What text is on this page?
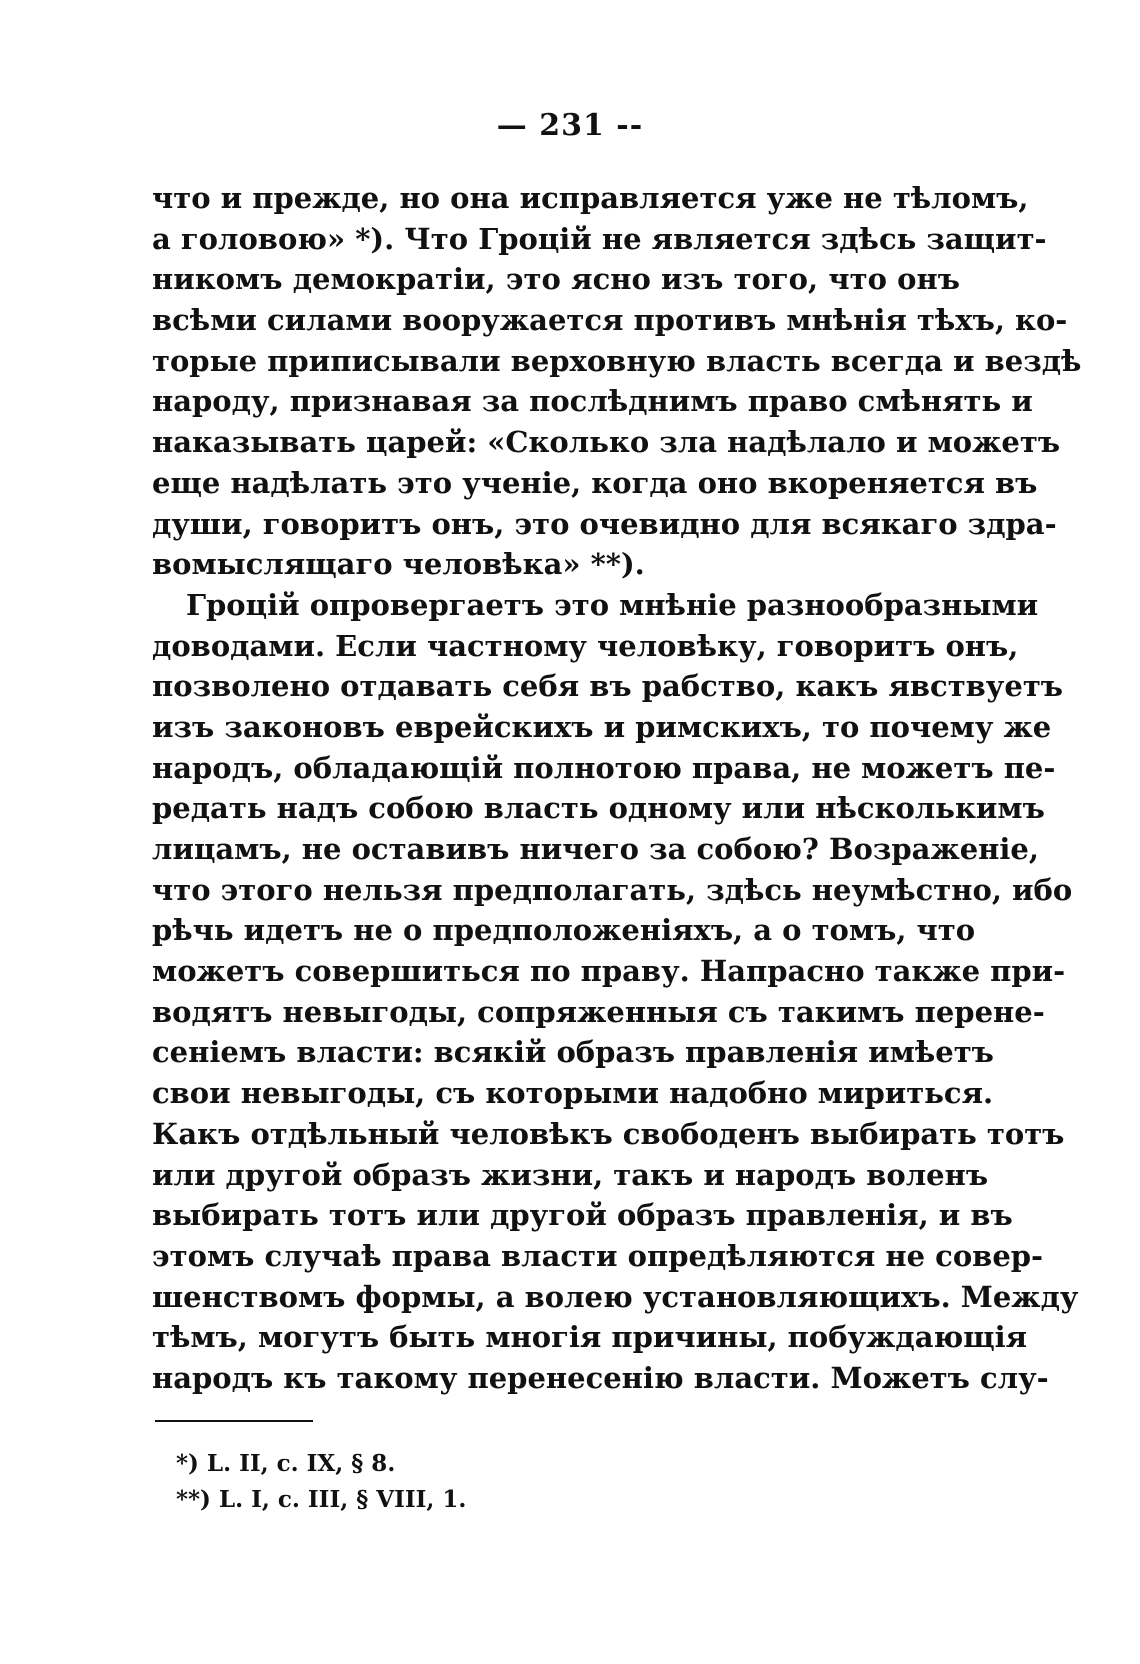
— 231 --
что и прежде, но она исправляется уже не тѣломъ,
а головою» *). Что Гроцій не является здѣсь защит-
никомъ демократіи, это ясно изъ того, что онъ
всѣми силами вооружается противъ мнѣнія тѣхъ, ко-
торые приписывали верховную власть всегда и вездѣ
народу, признавая за послѣднимъ право смѣнять и
наказывать царей: «Сколько зла надѣлало и можетъ
еще надѣлать это ученіе, когда оно вкореняется въ
души, говоритъ онъ, это очевидно для всякаго здра-
вомыслящаго человѣка» **).
Гроцій опровергаетъ это мнѣніе разнообразными
доводами. Если частному человѣку, говоритъ онъ,
позволено отдавать себя въ рабство, какъ явствуетъ
изъ законовъ еврейскихъ и римскихъ, то почему же
народъ, обладающій полнотою права, не можетъ пе-
редать надъ собою власть одному или нѣсколькимъ
лицамъ, не оставивъ ничего за собою? Возраженіе,
что этого нельзя предполагать, здѣсь неумѣстно, ибо
рѣчь идетъ не о предположеніяхъ, а о томъ, что
можетъ совершиться по праву. Напрасно также при-
водятъ невыгоды, сопряженныя съ такимъ перене-
сеніемъ власти: всякій образъ правленія имѣетъ
свои невыгоды, съ которыми надобно мириться.
Какъ отдѣльный человѣкъ свободенъ выбирать тотъ
или другой образъ жизни, такъ и народъ воленъ
выбирать тотъ или другой образъ правленія, и въ
этомъ случаѣ права власти опредѣляются не совер-
шенствомъ формы, а волею установляющихъ. Между
тѣмъ, могутъ быть многія причины, побуждающія
народъ къ такому перенесенію власти. Можетъ слу-
*) L. II, c. IX, § 8.
**) L. I, c. III, § VIII, 1.
